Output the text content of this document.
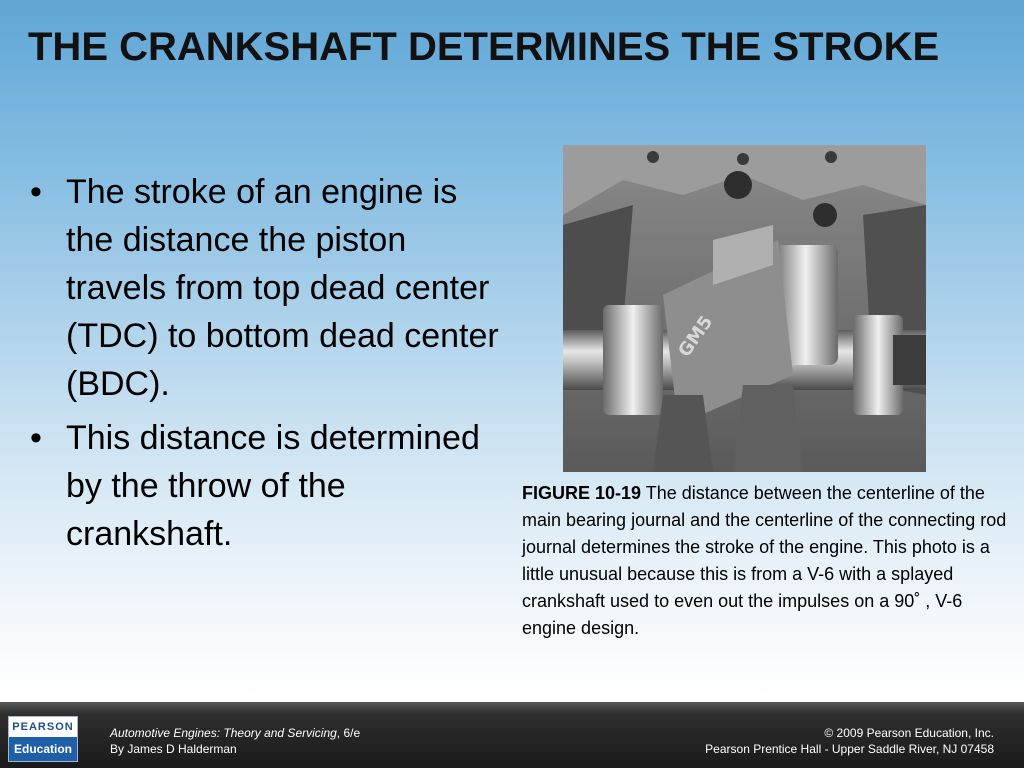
THE CRANKSHAFT DETERMINES THE STROKE
• The stroke of an engine is the distance the piston travels from top dead center (TDC) to bottom dead center (BDC).
• This distance is determined by the throw of the crankshaft.
GM5
FIGURE 10-19 The distance between the centerline of the main bearing journal and the centerline of the connecting rod journal determines the stroke of the engine. This photo is a little unusual because this is from a V-6 with a splayed crankshaft used to even out the impulses on a 90˚ , V-6 engine design.
PEARSON
Education
Automotive Engines: Theory and Servicing, 6/e
By James D Halderman
© 2009 Pearson Education, Inc.
Pearson Prentice Hall - Upper Saddle River, NJ 07458
